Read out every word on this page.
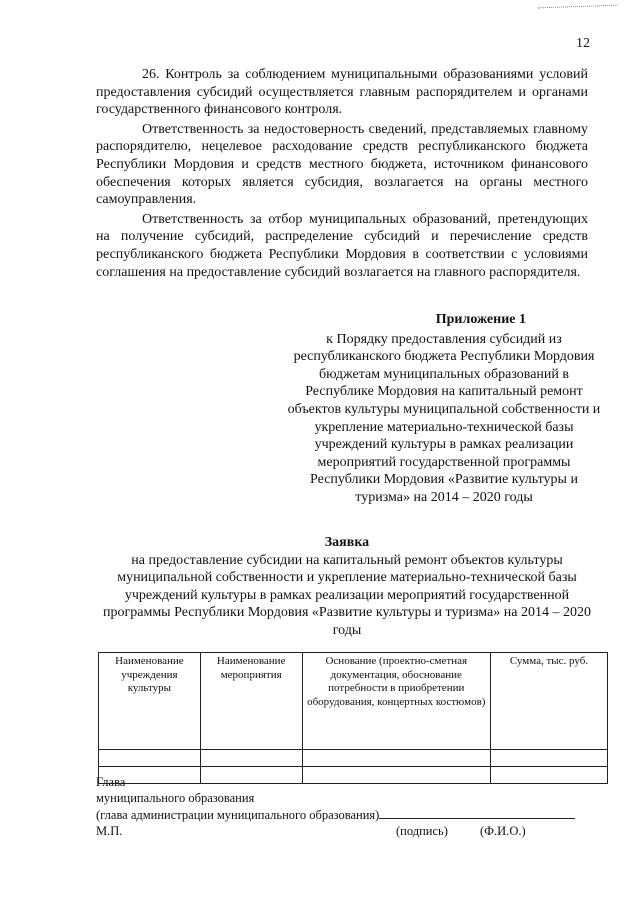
12

26. Контроль за соблюдением муниципальными образованиями условий предоставления субсидий осуществляется главным распорядителем и органами государственного финансового контроля.

Ответственность за недостоверность сведений, представляемых главному распорядителю, нецелевое расходование средств республиканского бюджета Республики Мордовия и средств местного бюджета, источником финансового обеспечения которых является субсидия, возлагается на органы местного самоуправления.

Ответственность за отбор муниципальных образований, претендующих на получение субсидий, распределение субсидий и перечисление средств республиканского бюджета Республики Мордовия в соответствии с условиями соглашения на предоставление субсидий возлагается на главного распорядителя.

Приложение 1
к Порядку предоставления субсидий из республиканского бюджета Республики Мордовия бюджетам муниципальных образований в Республике Мордовия на капитальный ремонт объектов культуры муниципальной собственности и укрепление материально-технической базы учреждений культуры в рамках реализации мероприятий государственной программы Республики Мордовия «Развитие культуры и туризма» на 2014 – 2020 годы
Заявка
на предоставление субсидии на капитальный ремонт объектов культуры муниципальной собственности и укрепление материально-технической базы учреждений культуры в рамках реализации мероприятий государственной программы Республики Мордовия «Развитие культуры и туризма» на 2014 – 2020 годы
Наименование учреждения культуры	Наименование мероприятия	Основание (проектно-сметная документация, обоснование потребности в приобретении оборудования, концертных костюмов)	Сумма, тыс. руб.

Глава
муниципального образования
(глава администрации муниципального образования)
М.П.	(подпись)	(Ф.И.О.)
